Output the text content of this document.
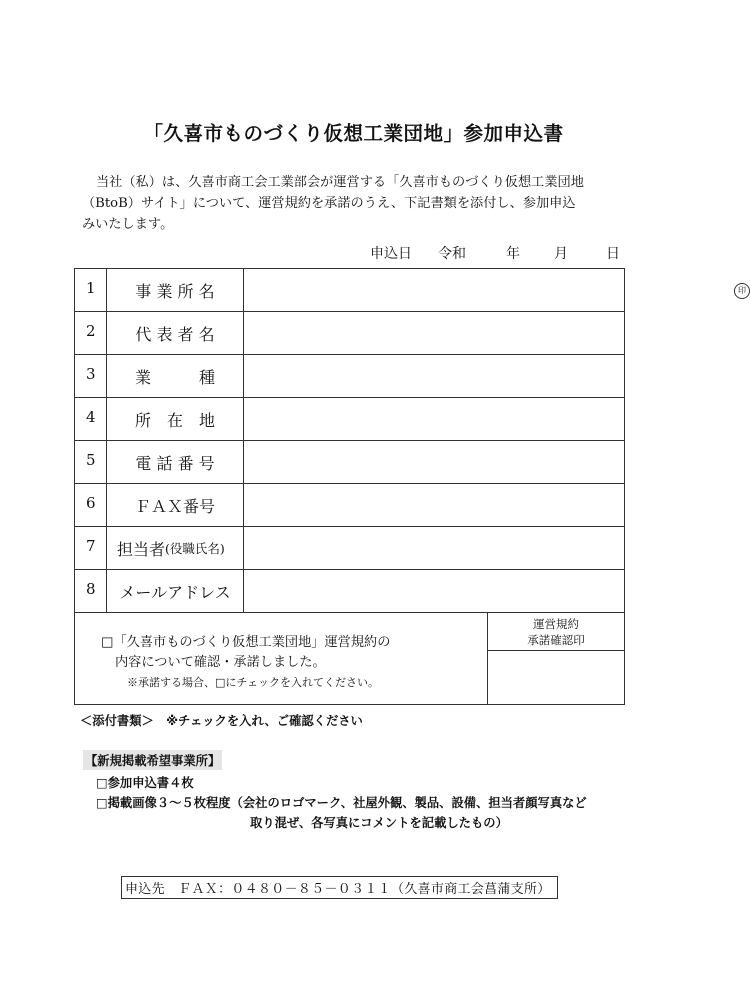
「久喜市ものづくり仮想工業団地」参加申込書
当社（私）は、久喜市商工会工業部会が運営する「久喜市ものづくり仮想工業団地
（BtoB）サイト」について、運営規約を承諾のうえ、下記書類を添付し、参加申込
みいたします。
申込日 令和	年 月	日
1	事 業 所 名	印
2	代 表 者 名
3	業　　　種
4	所　在　地
5	電 話 番 号
6	ＦＡＸ番号
7	担当者 (役職氏名)
8	メールアドレス
□「久喜市ものづくり仮想工業団地」運営規約の
内容について確認・承諾しました。
※承諾する場合、□にチェックを入れてください。
運営規約
承諾確認印
＜添付書類＞　※チェックを入れ、ご確認ください
【新規掲載希望事業所】
□参加申込書４枚
□掲載画像３～５枚程度（会社のロゴマーク、社屋外観、製品、設備、担当者顔写真など
取り混ぜ、各写真にコメントを記載したもの）
申込先　ＦＡＸ：０４８０－８５－０３１１（久喜市商工会菖蒲支所）
